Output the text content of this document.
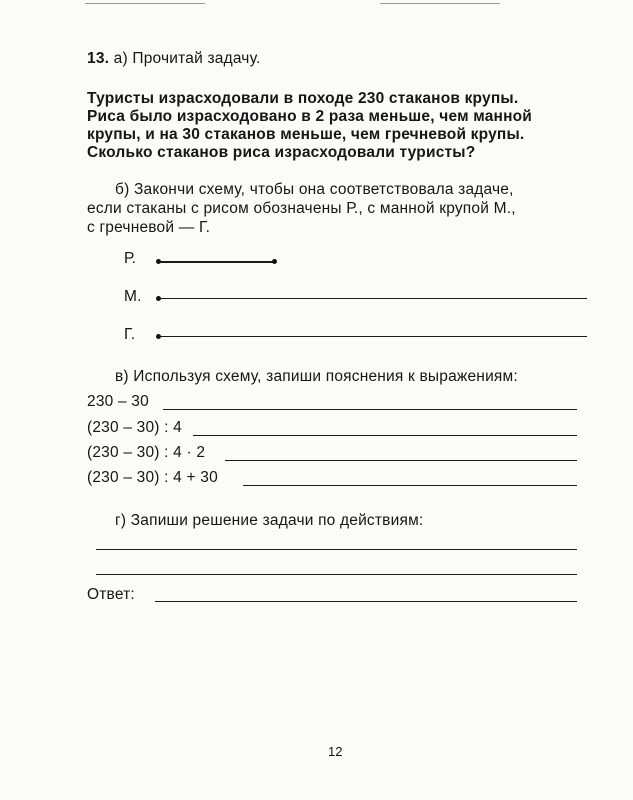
13. а) Прочитай задачу.
Туристы израсходовали в походе 230 стаканов крупы.
Риса было израсходовано в 2 раза меньше, чем манной
крупы, и на 30 стаканов меньше, чем гречневой крупы.
Сколько стаканов риса израсходовали туристы?
б) Закончи схему, чтобы она соответствовала задаче,
если стаканы с рисом обозначены Р., с манной крупой М.,
с гречневой — Г.
Р.
М.
Г.
в) Используя схему, запиши пояснения к выражениям:
230 – 30
(230 – 30) : 4
(230 – 30) : 4 · 2
(230 – 30) : 4 + 30
г) Запиши решение задачи по действиям:
Ответ:
12
